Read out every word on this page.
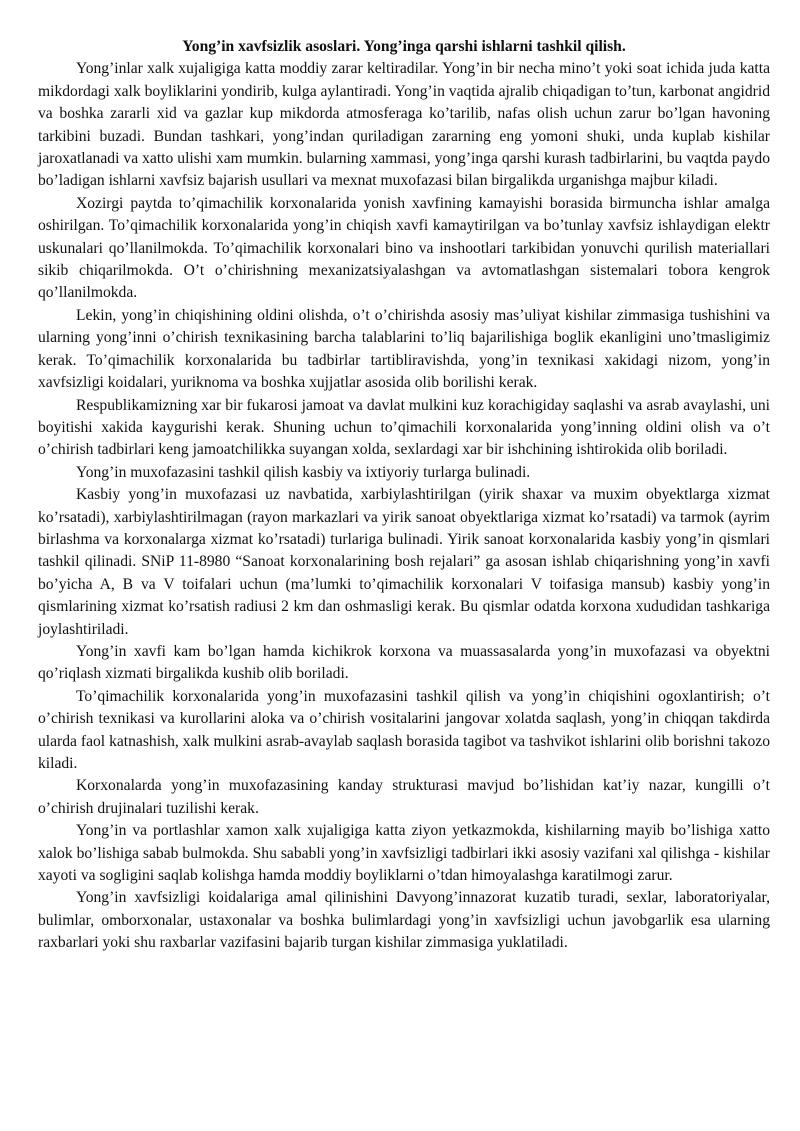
Yong’in xavfsizlik asoslari. Yong’inga qarshi ishlarni tashkil qilish.

Yong’inlar xalk xujaligiga katta moddiy zarar keltiradilar. Yong’in bir necha mino’t yoki soat ichida juda katta mikdordagi xalk boyliklarini yondirib, kulga aylantiradi. Yong’in vaqtida ajralib chiqadigan to’tun, karbonat angidrid va boshka zararli xid va gazlar kup mikdorda atmosferaga ko’tarilib, nafas olish uchun zarur bo’lgan havoning tarkibini buzadi. Bundan tashkari, yong’indan quriladigan zararning eng yomoni shuki, unda kuplab kishilar jaroxatlanadi va xatto ulishi xam mumkin. bularning xammasi, yong’inga qarshi kurash tadbirlarini, bu vaqtda paydo bo’ladigan ishlarni xavfsiz bajarish usullari va mexnat muxofazasi bilan birgalikda urganishga majbur kiladi.

Xozirgi paytda to’qimachilik korxonalarida yonish xavfining kamayishi borasida birmuncha ishlar amalga oshirilgan. To’qimachilik korxonalarida yong’in chiqish xavfi kamaytirilgan va bo’tunlay xavfsiz ishlaydigan elektr uskunalari qo’llanilmokda. To’qimachilik korxonalari bino va inshootlari tarkibidan yonuvchi qurilish materiallari sikib chiqarilmokda. O’t o’chirishning mexanizatsiyalashgan va avtomatlashgan sistemalari tobora kengrok qo’llanilmokda.

Lekin, yong’in chiqishining oldini olishda, o’t o’chirishda asosiy mas’uliyat kishilar zimmasiga tushishini va ularning yong’inni o’chirish texnikasining barcha talablarini to’liq bajarilishiga boglik ekanligini uno’tmasligimiz kerak. To’qimachilik korxonalarida bu tadbirlar tartibliravishda, yong’in texnikasi xakidagi nizom, yong’in xavfsizligi koidalari, yuriknoma va boshka xujjatlar asosida olib borilishi kerak.

Respublikamizning xar bir fukarosi jamoat va davlat mulkini kuz korachigiday saqlashi va asrab avaylashi, uni boyitishi xakida kaygurishi kerak. Shuning uchun to’qimachili korxonalarida yong’inning oldini olish va o’t o’chirish tadbirlari keng jamoatchilikka suyangan xolda, sexlardagi xar bir ishchining ishtirokida olib boriladi.

Yong’in muxofazasini tashkil qilish kasbiy va ixtiyoriy turlarga bulinadi.

Kasbiy yong’in muxofazasi uz navbatida, xarbiylashtirilgan (yirik shaxar va muxim obyektlarga xizmat ko’rsatadi), xarbiylashtirilmagan (rayon markazlari va yirik sanoat obyektlariga xizmat ko’rsatadi) va tarmok (ayrim birlashma va korxonalarga xizmat ko’rsatadi) turlariga bulinadi. Yirik sanoat korxonalarida kasbiy yong’in qismlari tashkil qilinadi. SNiP 11-8980 “Sanoat korxonalarining bosh rejalari” ga asosan ishlab chiqarishning yong’in xavfi bo’yicha A, B va V toifalari uchun (ma’lumki to’qimachilik korxonalari V toifasiga mansub) kasbiy yong’in qismlarining xizmat ko’rsatish radiusi 2 km dan oshmasligi kerak. Bu qismlar odatda korxona xududidan tashkariga joylashtiriladi.

Yong’in xavfi kam bo’lgan hamda kichikrok korxona va muassasalarda yong’in muxofazasi va obyektni qo’riqlash xizmati birgalikda kushib olib boriladi.

To’qimachilik korxonalarida yong’in muxofazasini tashkil qilish va yong’in chiqishini ogoxlantirish; o’t o’chirish texnikasi va kurollarini aloka va o’chirish vositalarini jangovar xolatda saqlash, yong’in chiqqan takdirda ularda faol katnashish, xalk mulkini asrab-avaylab saqlash borasida tagibot va tashvikot ishlarini olib borishni takozo kiladi.

Korxonalarda yong’in muxofazasining kanday strukturasi mavjud bo’lishidan kat’iy nazar, kungilli o’t o’chirish drujinalari tuzilishi kerak.

Yong’in va portlashlar xamon xalk xujaligiga katta ziyon yetkazmokda, kishilarning mayib bo’lishiga xatto xalok bo’lishiga sabab bulmokda. Shu sababli yong’in xavfsizligi tadbirlari ikki asosiy vazifani xal qilishga - kishilar xayoti va sogligini saqlab kolishga hamda moddiy boyliklarni o’tdan himoyalashga karatilmogi zarur.

Yong’in xavfsizligi koidalariga amal qilinishini Davyong’innazorat kuzatib turadi, sexlar, laboratoriyalar, bulimlar, omborxonalar, ustaxonalar va boshka bulimlardagi yong’in xavfsizligi uchun javobgarlik esa ularning raxbarlari yoki shu raxbarlar vazifasini bajarib turgan kishilar zimmasiga yuklatiladi.
